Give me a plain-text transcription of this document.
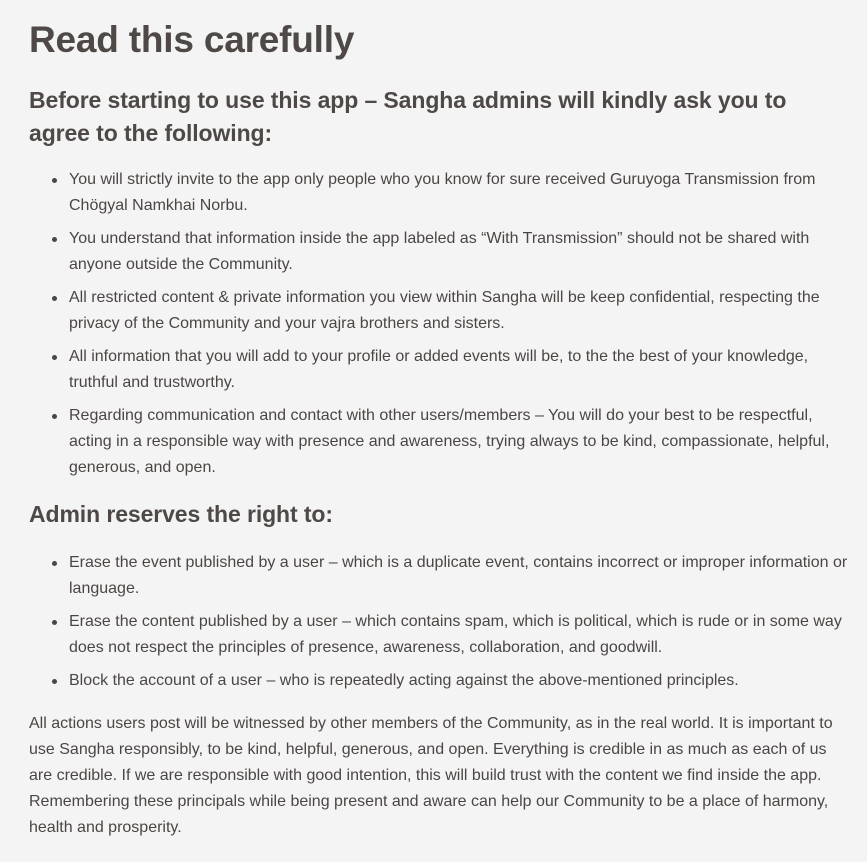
Read this carefully
Before starting to use this app – Sangha admins will kindly ask you to agree to the following:
You will strictly invite to the app only people who you know for sure received Guruyoga Transmission from Chögyal Namkhai Norbu.
You understand that information inside the app labeled as “With Transmission” should not be shared with anyone outside the Community.
All restricted content & private information you view within Sangha will be keep confidential, respecting the privacy of the Community and your vajra brothers and sisters.
All information that you will add to your profile or added events will be, to the the best of your knowledge, truthful and trustworthy.
Regarding communication and contact with other users/members – You will do your best to be respectful, acting in a responsible way with presence and awareness, trying always to be kind, compassionate, helpful, generous, and open.
Admin reserves the right to:
Erase the event published by a user – which is a duplicate event, contains incorrect or improper information or language.
Erase the content published by a user – which contains spam, which is political, which is rude or in some way does not respect the principles of presence, awareness, collaboration, and goodwill.
Block the account of a user – who is repeatedly acting against the above-mentioned principles.

All actions users post will be witnessed by other members of the Community, as in the real world. It is important to use Sangha responsibly, to be kind, helpful, generous, and open. Everything is credible in as much as each of us are credible. If we are responsible with good intention, this will build trust with the content we find inside the app. Remembering these principals while being present and aware can help our Community to be a place of harmony, health and prosperity.
